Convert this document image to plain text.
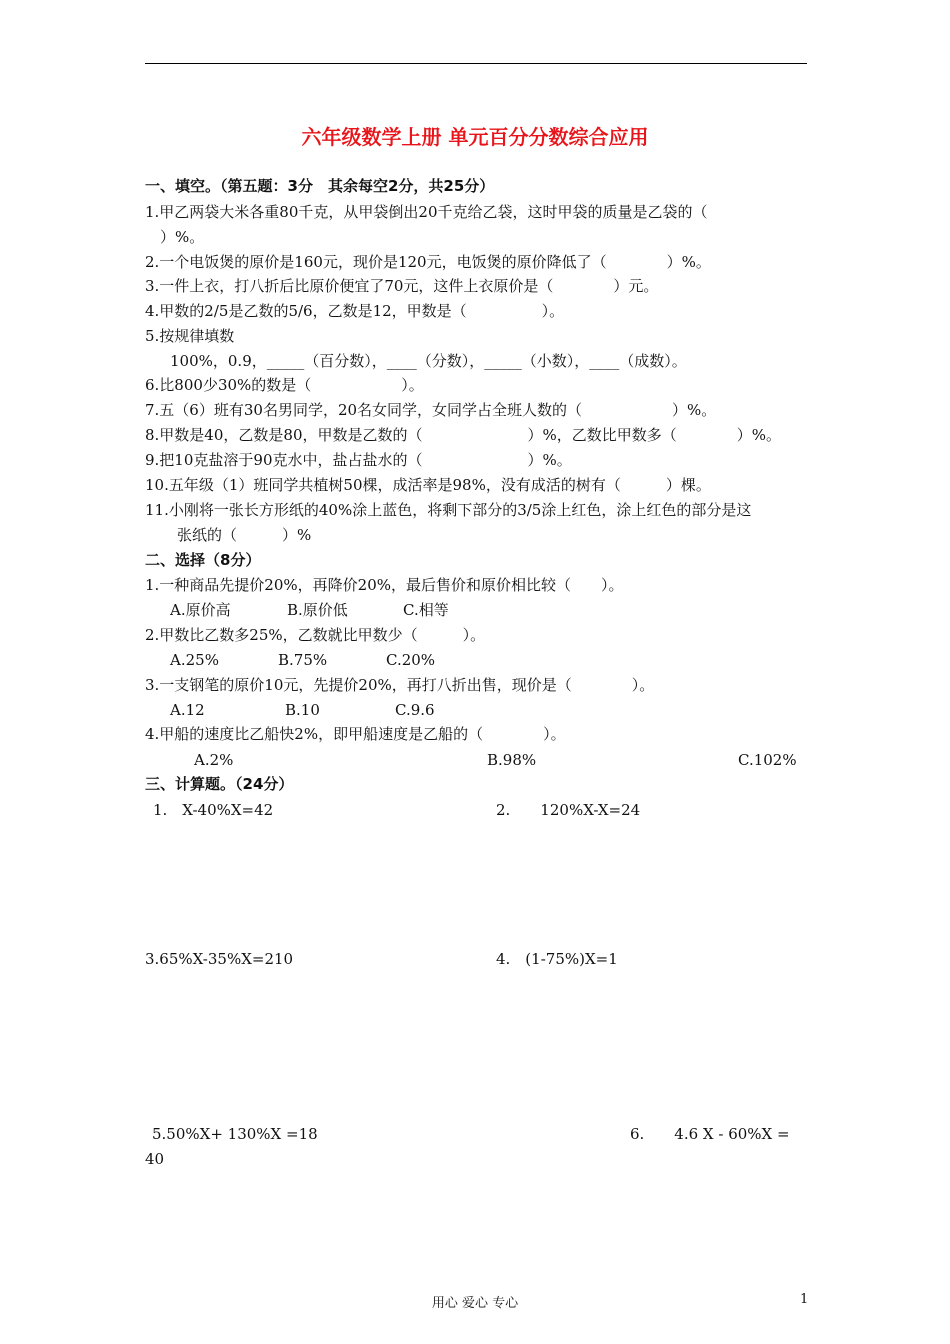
六年级数学上册 单元百分分数综合应用
一、填空。（第五题：3分　其余每空2分，共25分）
1.甲乙两袋大米各重80千克，从甲袋倒出20千克给乙袋，这时甲袋的质量是乙袋的（
）%。
2.一个电饭煲的原价是160元，现价是120元，电饭煲的原价降低了（　　　　）%。
3.一件上衣，打八折后比原价便宜了70元，这件上衣原价是（　　　　）元。
4.甲数的2/5是乙数的5/6，乙数是12，甲数是（　　　　　）。
5.按规律填数
100%，0.9，_____（百分数），____（分数），_____（小数），____（成数）。
6.比800少30%的数是（　　　　　　）。
7.五（6）班有30名男同学，20名女同学，女同学占全班人数的（　　　　　　）%。
8.甲数是40，乙数是80，甲数是乙数的（　　　　　　　）%，乙数比甲数多（　　　　）%。
9.把10克盐溶于90克水中，盐占盐水的（　　　　　　　）%。
10.五年级（1）班同学共植树50棵，成活率是98%，没有成活的树有（　　　）棵。
11.小刚将一张长方形纸的40%涂上蓝色，将剩下部分的3/5涂上红色，涂上红色的部分是这
张纸的（　　　）%
二、选择（8分）
1.一种商品先提价20%，再降价20%，最后售价和原价相比较（　　）。
A.原价高	B.原价低	C.相等
2.甲数比乙数多25%，乙数就比甲数少（　　　）。
A.25%	B.75%	C.20%
3.一支钢笔的原价10元，先提价20%，再打八折出售，现价是（　　　　）。
A.12	B.10	C.9.6
4.甲船的速度比乙船快2%，即甲船速度是乙船的（　　　　）。
A.2%	B.98%	C.102%
三、计算题。（24分）
1.　X-40%X=42	2.　　120%X-X=24
3.65%X-35%X=210	4.　(1-75%)X=1
5.50%X+ 130%X =18	6.　　4.6 X - 60%X =
40
用心 爱心 专心	1
